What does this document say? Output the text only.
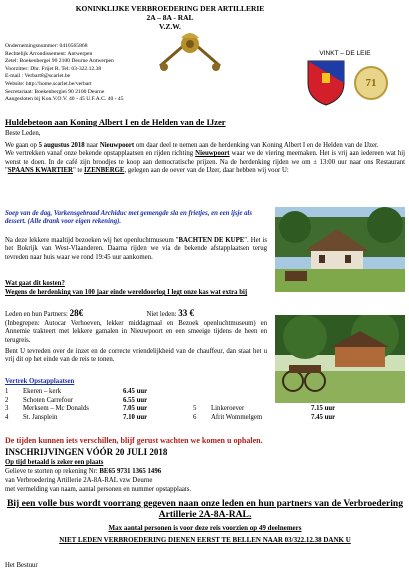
KONINKLIJKE VERBROEDERING DER ARTILLERIE
2A – 8A - RAL
V.Z.W.
VINKT – DE LEIE
71
Ondernemingsnummer: 0410565868
Rechtelijk Arrondissement: Antwerpen
Zetel: Boekenbergei 90 2100 Deurne Antwerpen
Voorzitter: Dhr. Frijet R. Tel: 03-322.12.38
E-mail : Verbart8@scarlet.be
Website: http://home.scarlet.be/verbart
Secretariaat: Boekenbergiei 90 2100 Deurne
Aangesloten bij Kon.V.O.V. 40 - 45 U.F.A.C. 40 - 45
Huldebetoon aan Koning Albert I en de Helden van de IJzer
Beste Leden,

We gaan op 5 augustus 2018 naar Nieuwpoort om daar deel te nemen aan de herdenking van Koning Albert I en de Helden van de IJzer.

We vertrekken vanaf onze bekende opstapplaatsen en rijden richting Nieuwpoort waar we de viering meemaken. Het is vrij aan iedereen wat hij wenst te doen. In de café zijn broodjes te koop aan democratische prijzen. Na de herdenking rijden we om ± 13:00 uur naar ons Restaurant "SPAANS KWARTIER" te IZENBERGE, gelegen aan de oever van de IJzer, daar hebben wij voor U:

Soep van de dag, Varkensgebraad Archiduc met gemengde sla en frietjes, en een ijsje als dessert. (Alle drank voor eigen rekening).
Na deze lekkere maaltijd bezoeken wij het openluchtmuseum "BACHTEN DE KUPE". Het is het Bokrijk van West-Vlaanderen. Daarna rijden we via de bekende afstapplaatsen terug tevreden naar huis waar we rond 19:45 uur aankomen.
Wat gaat dit kosten?
Wegens de herdenking van 100 jaar einde wereldoorlog I legt onze kas wat extra bij
Leden en hun Partners: 28€	Niet leden: 33 €
(Inbegrepen: Autocar Verhoeven, lekker middagmaal en Bezoek openluchtmuseum) en Annemie trakteert met lekkere gamalen in Nieuwpoort en een smeeige tijdens de heen en terugreis.
Bent U tevreden over de inzet en de correcte vriendelijkheid van de chauffeur, dan staat het u vrij dit op het einde van de reis te tonen.
Vertrek Opstapplaatsen
1	Ekeren – kerk	6.45 uur			
2	Schoten Carrefour	6.55 uur			
3	Merksem – Mc Donalds	7.05 uur	5	Linkeroever	7.15 uur
4	St. Jansplein	7.10 uur	6	Afrit Wommelgem	7.45 uur
De tijden kunnen iets verschillen, blijf gerust wachten we komen u ophalen.
INSCHRIJVINGEN VÓÓR 20 JULI 2018
Op tijd betaald is zeker een plaats
Gelieve te storten op rekening Nr: BE65 9731 1365 1496
van Verbroedering Artillerie 2A-8A-RAL vzw Deurne
met vermelding van naam, aantal personen en nummer opstapplaats.
Bij een volle bus wordt voorrang gegeven naan onze leden en hun partners van de Verbroedering Artillerie 2A-8A-RAL.
Max aantal personen is voor deze reis voorzien op 49 deelnemers
NIET LEDEN VERBROEDERING DIENEN EERST TE BELLEN NAAR 03/322.12.38 DANK U
Het Bestuur
